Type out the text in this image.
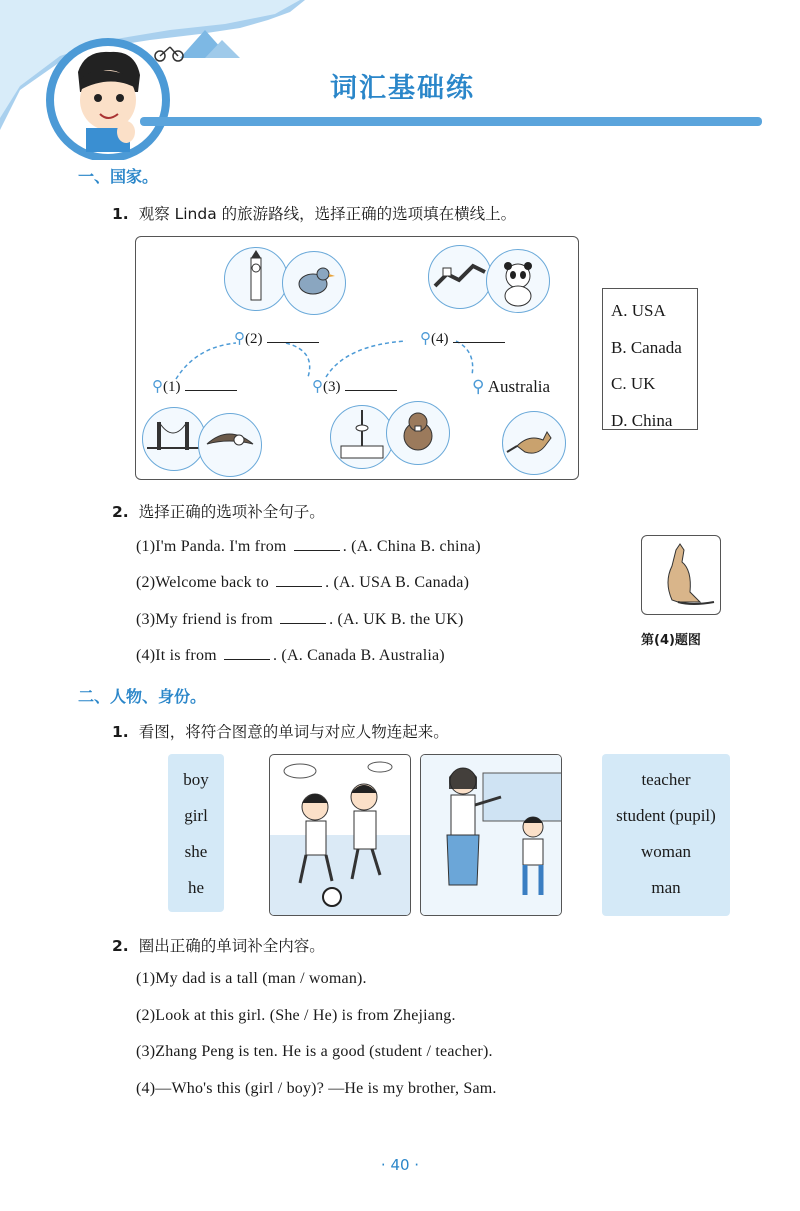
词汇基础练
一、国家。
1. 观察 Linda 的旅游路线，选择正确的选项填在横线上。
⚲(2)	⚲(4)
⚲(1)	⚲(3)	⚲ Australia
A. USA
B. Canada
C. UK
D. China
2. 选择正确的选项补全句子。
(1)I'm Panda. I'm from	. (A. China B. china)
(2)Welcome back to	. (A. USA B. Canada)
(3)My friend is from	. (A. UK B. the UK)
(4)It is from	. (A. Canada B. Australia)
第(4)题图
二、人物、身份。
1. 看图，将符合图意的单词与对应人物连起来。
boy
girl
she
he
teacher
student (pupil)
woman
man
2. 圈出正确的单词补全内容。
(1)My dad is a tall (man / woman).
(2)Look at this girl. (She / He) is from Zhejiang.
(3)Zhang Peng is ten. He is a good (student / teacher).
(4)—Who's this (girl / boy)? —He is my brother, Sam.
· 40 ·
